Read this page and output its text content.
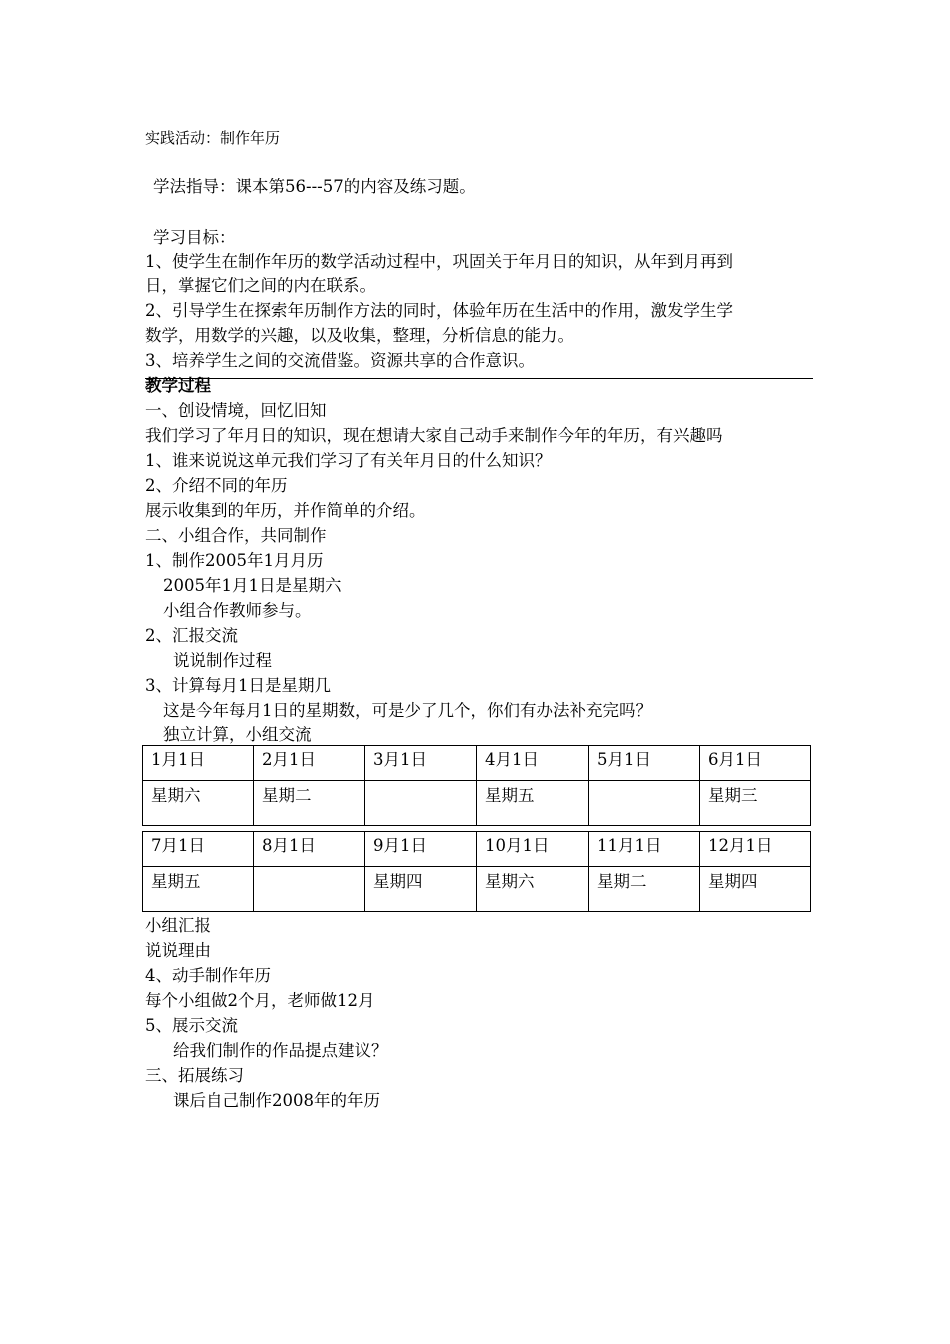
实践活动：制作年历
学法指导：课本第56---57的内容及练习题。
学习目标：
1、使学生在制作年历的数学活动过程中，巩固关于年月日的知识，从年到月再到
日，掌握它们之间的内在联系。
2、引导学生在探索年历制作方法的同时，体验年历在生活中的作用，激发学生学
数学，用数学的兴趣，以及收集，整理，分析信息的能力。
3、培养学生之间的交流借鉴。资源共享的合作意识。
教学过程
一、创设情境，回忆旧知
我们学习了年月日的知识，现在想请大家自己动手来制作今年的年历，有兴趣吗
1、谁来说说这单元我们学习了有关年月日的什么知识？
2、介绍不同的年历
展示收集到的年历，并作简单的介绍。
二、小组合作，共同制作
1、制作2005年1月月历
2005年1月1日是星期六
小组合作教师参与。
2、汇报交流
说说制作过程
3、计算每月1日是星期几
这是今年每月1日的星期数，可是少了几个，你们有办法补充完吗？
独立计算，小组交流
1月1日	2月1日	3月1日	4月1日	5月1日	6月1日
星期六	星期二		星期五		星期三
7月1日	8月1日	9月1日	10月1日	11月1日	12月1日
星期五		星期四	星期六	星期二	星期四
小组汇报
说说理由
4、动手制作年历
每个小组做2个月，老师做12月
5、展示交流
给我们制作的作品提点建议？
三、拓展练习
课后自己制作2008年的年历
